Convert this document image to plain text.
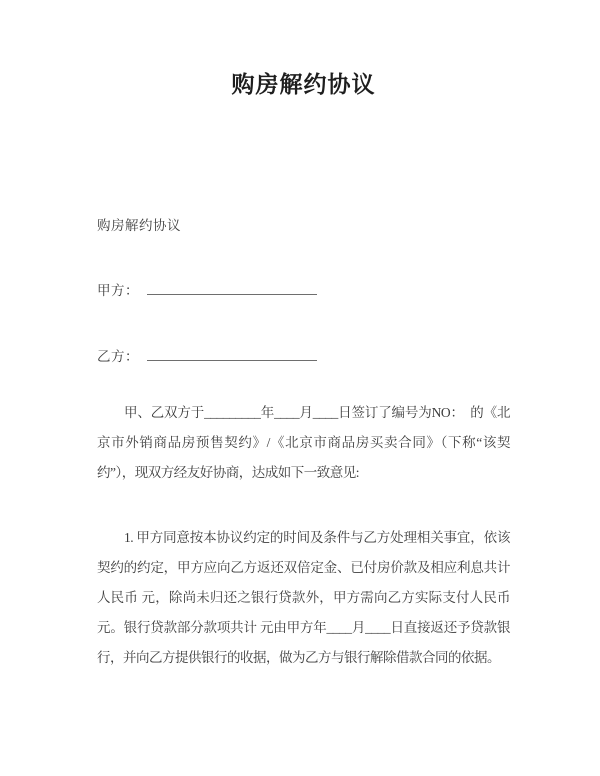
购房解约协议

购房解约协议

甲方：
乙方：

甲、乙双方于_________年____月____日签订了编号为NO：  的《北京市外销商品房预售契约》/《北京市商品房买卖合同》（下称“该契约”），现双方经友好协商，达成如下一致意见:

1. 甲方同意按本协议约定的时间及条件与乙方处理相关事宜，依该契约的约定，甲方应向乙方返还双倍定金、已付房价款及相应利息共计人民币 元，除尚未归还之银行贷款外，甲方需向乙方实际支付人民币 元。银行贷款部分款项共计 元由甲方年____月____日直接返还予贷款银行，并向乙方提供银行的收据，做为乙方与银行解除借款合同的依据。
